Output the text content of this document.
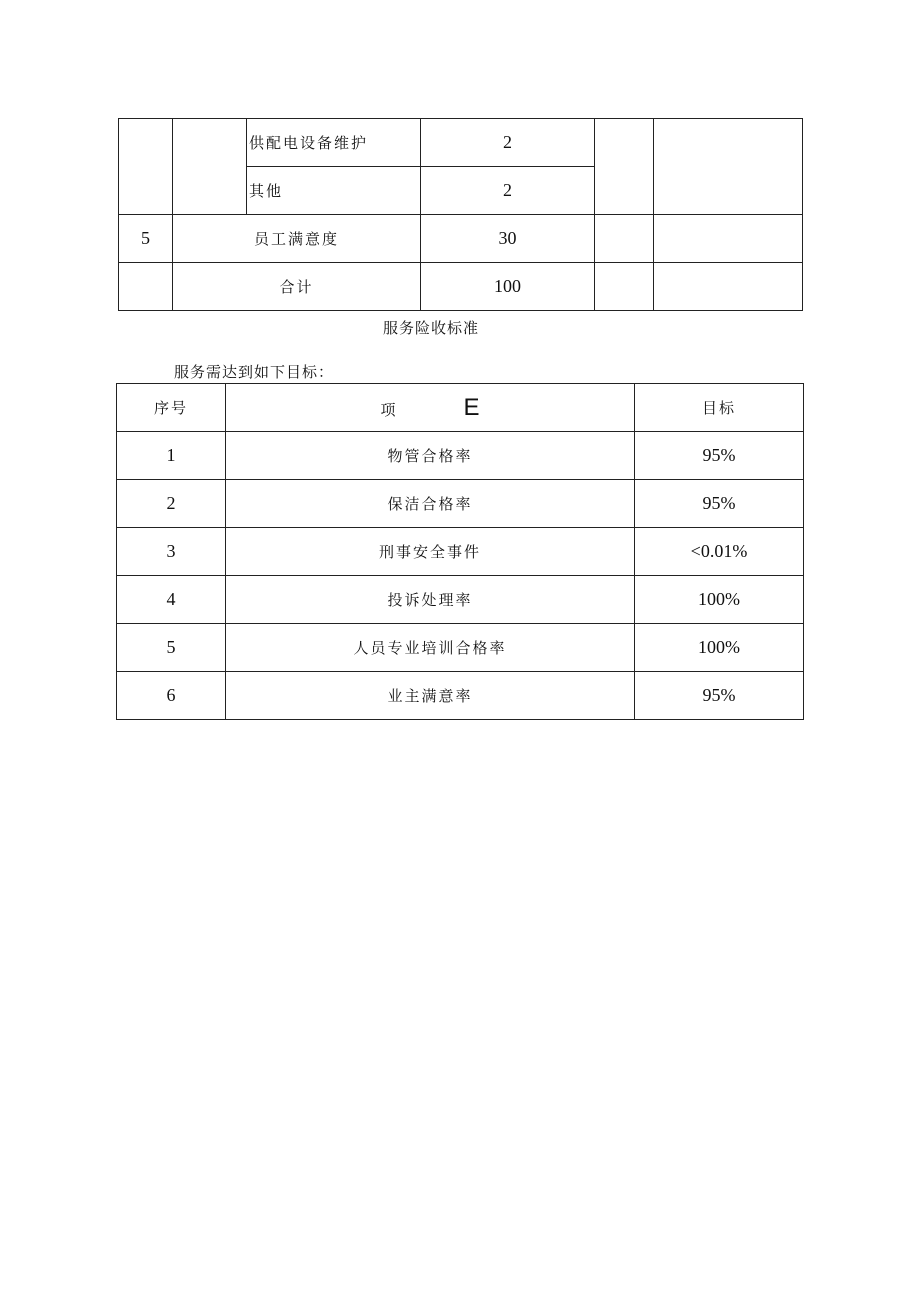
		供配电设备维护	2		
		其他	2		
5	员工满意度		30		
	合计		100		
服务险收标准
服务需达到如下目标：
序号	项 E	目标
1	物管合格率	95%
2	保洁合格率	95%
3	刑事安全事件	<0.01%
4	投诉处理率	100%
5	人员专业培训合格率	100%
6	业主满意率	95%
